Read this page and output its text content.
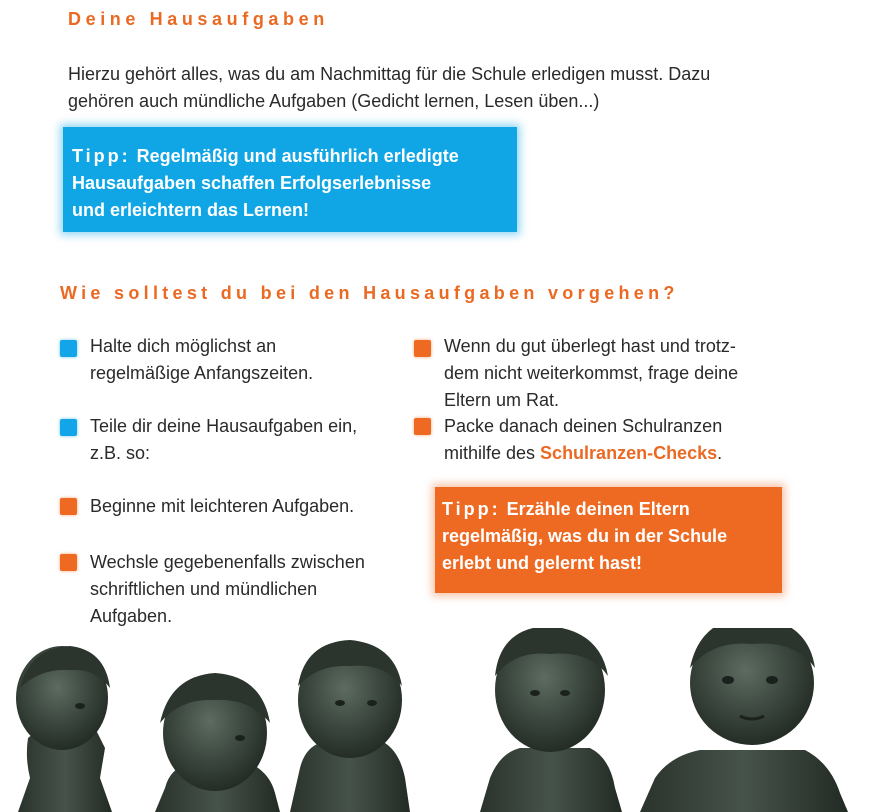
Deine Hausaufgaben
Hierzu gehört alles, was du am Nachmittag für die Schule erledigen musst. Dazu
gehören auch mündliche Aufgaben (Gedicht lernen, Lesen üben...)
Tipp: Regelmäßig und ausführlich erledigte
Hausaufgaben schaffen Erfolgserlebnisse
und erleichtern das Lernen!
Wie solltest du bei den Hausaufgaben vorgehen?
Halte dich möglichst an
regelmäßige Anfangszeiten.
Teile dir deine Hausaufgaben ein,
z.B. so:
Beginne mit leichteren Aufgaben.
Wechsle gegebenenfalls zwischen
schriftlichen und mündlichen
Aufgaben.
Wenn du gut überlegt hast und trotz-
dem nicht weiterkommst, frage deine
Eltern um Rat.
Packe danach deinen Schulranzen
mithilfe des Schulranzen-Checks.
Tipp: Erzähle deinen Eltern
regelmäßig, was du in der Schule
erlebt und gelernt hast!
